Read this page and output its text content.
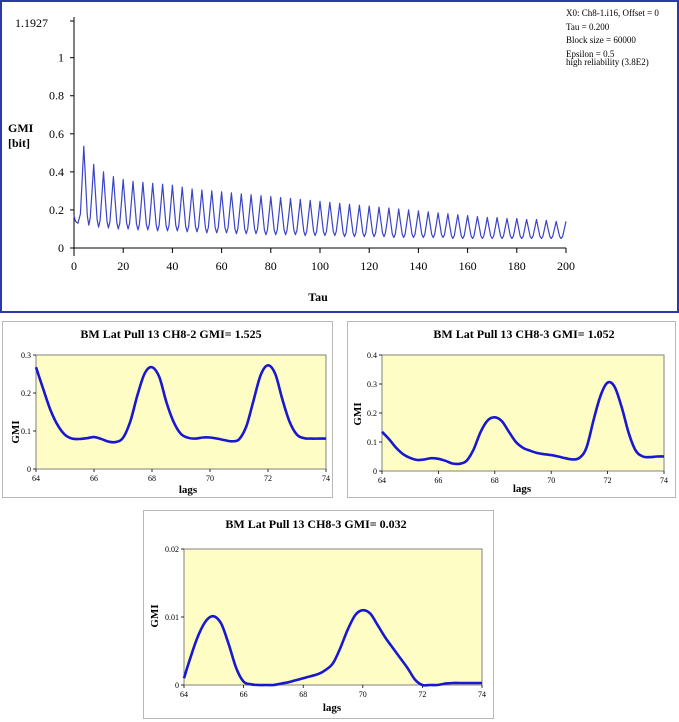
X0: Ch8-1.i16, Offset = 0
Tau = 0.200
Block size = 60000
Epsilon = 0.5
high reliability (3.8E2)
GMI
[bit]
Tau
1.1927
0
0.2
0.4
0.6
0.8
1
0	20	40	60	80	100	120	140	160	180	200
BM Lat Pull 13 CH8-2 GMI= 1.525
GMI
lags
0
0.1
0.2
0.3
64	66	68	70	72	74
BM Lat Pull 13 CH8-3 GMI= 1.052
GMI
lags
0
0.1
0.2
0.3
0.4
64	66	68	70	72	74
BM Lat Pull 13 CH8-3 GMI= 0.032
GMI
lags
0
0.01
0.02
64	66	68	70	72	74
